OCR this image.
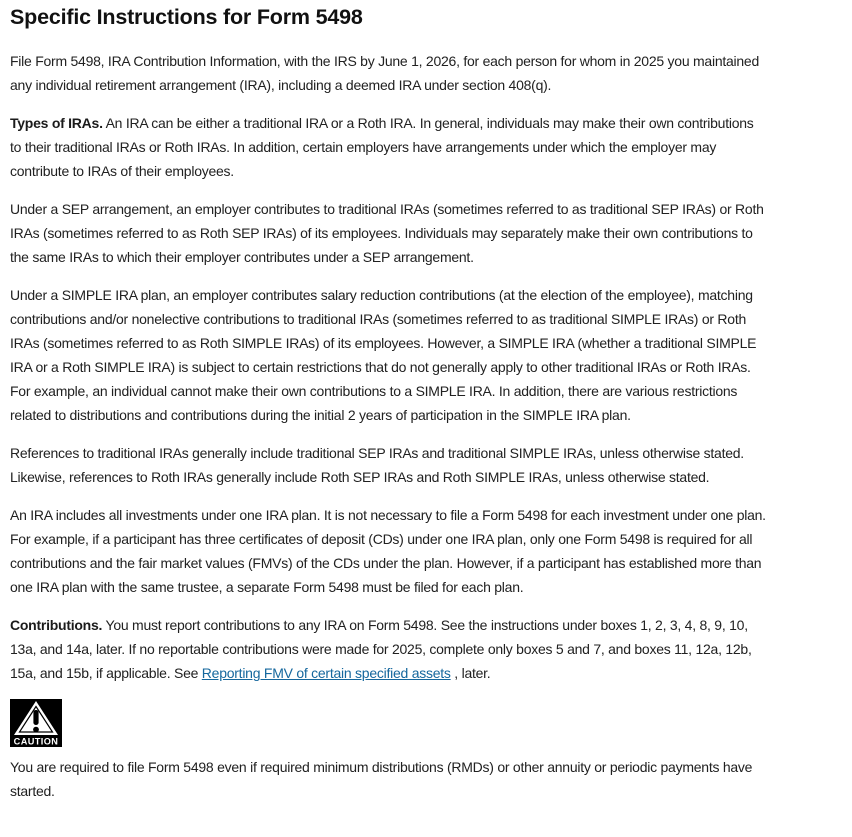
Specific Instructions for Form 5498

File Form 5498, IRA Contribution Information, with the IRS by June 1, 2026, for each person for whom in 2025 you maintained any individual retirement arrangement (IRA), including a deemed IRA under section 408(q).

Types of IRAs. An IRA can be either a traditional IRA or a Roth IRA. In general, individuals may make their own contributions to their traditional IRAs or Roth IRAs. In addition, certain employers have arrangements under which the employer may contribute to IRAs of their employees.

Under a SEP arrangement, an employer contributes to traditional IRAs (sometimes referred to as traditional SEP IRAs) or Roth IRAs (sometimes referred to as Roth SEP IRAs) of its employees. Individuals may separately make their own contributions to the same IRAs to which their employer contributes under a SEP arrangement.

Under a SIMPLE IRA plan, an employer contributes salary reduction contributions (at the election of the employee), matching contributions and/or nonelective contributions to traditional IRAs (sometimes referred to as traditional SIMPLE IRAs) or Roth IRAs (sometimes referred to as Roth SIMPLE IRAs) of its employees. However, a SIMPLE IRA (whether a traditional SIMPLE IRA or a Roth SIMPLE IRA) is subject to certain restrictions that do not generally apply to other traditional IRAs or Roth IRAs. For example, an individual cannot make their own contributions to a SIMPLE IRA. In addition, there are various restrictions related to distributions and contributions during the initial 2 years of participation in the SIMPLE IRA plan.

References to traditional IRAs generally include traditional SEP IRAs and traditional SIMPLE IRAs, unless otherwise stated. Likewise, references to Roth IRAs generally include Roth SEP IRAs and Roth SIMPLE IRAs, unless otherwise stated.

An IRA includes all investments under one IRA plan. It is not necessary to file a Form 5498 for each investment under one plan. For example, if a participant has three certificates of deposit (CDs) under one IRA plan, only one Form 5498 is required for all contributions and the fair market values (FMVs) of the CDs under the plan. However, if a participant has established more than one IRA plan with the same trustee, a separate Form 5498 must be filed for each plan.

Contributions. You must report contributions to any IRA on Form 5498. See the instructions under boxes 1, 2, 3, 4, 8, 9, 10, 13a, and 14a, later. If no reportable contributions were made for 2025, complete only boxes 5 and 7, and boxes 11, 12a, 12b, 15a, and 15b, if applicable. See Reporting FMV of certain specified assets , later.

CAUTION

You are required to file Form 5498 even if required minimum distributions (RMDs) or other annuity or periodic payments have started.
